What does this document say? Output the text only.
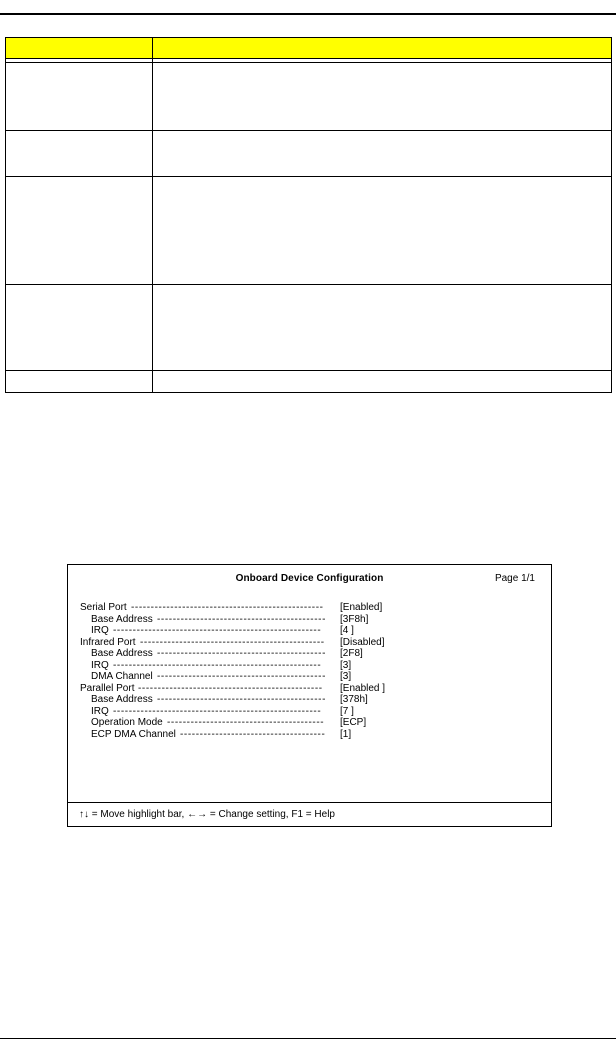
Onboard Device Configuration	Page 1/1
Serial Port -------------------------------------------------	[Enabled]
Base Address -------------------------------------------	[3F8h]
IRQ -----------------------------------------------------	[4 ]
Infrared Port -----------------------------------------------	[Disabled]
Base Address -------------------------------------------	[2F8]
IRQ -----------------------------------------------------	[3]
DMA Channel -------------------------------------------	[3]
Parallel Port -----------------------------------------------	[Enabled ]
Base Address -------------------------------------------	[378h]
IRQ -----------------------------------------------------	[7 ]
Operation Mode ----------------------------------------	[ECP]
ECP DMA Channel -------------------------------------	[1]
↑↓ = Move highlight bar, ←→ = Change setting, F1 = Help
